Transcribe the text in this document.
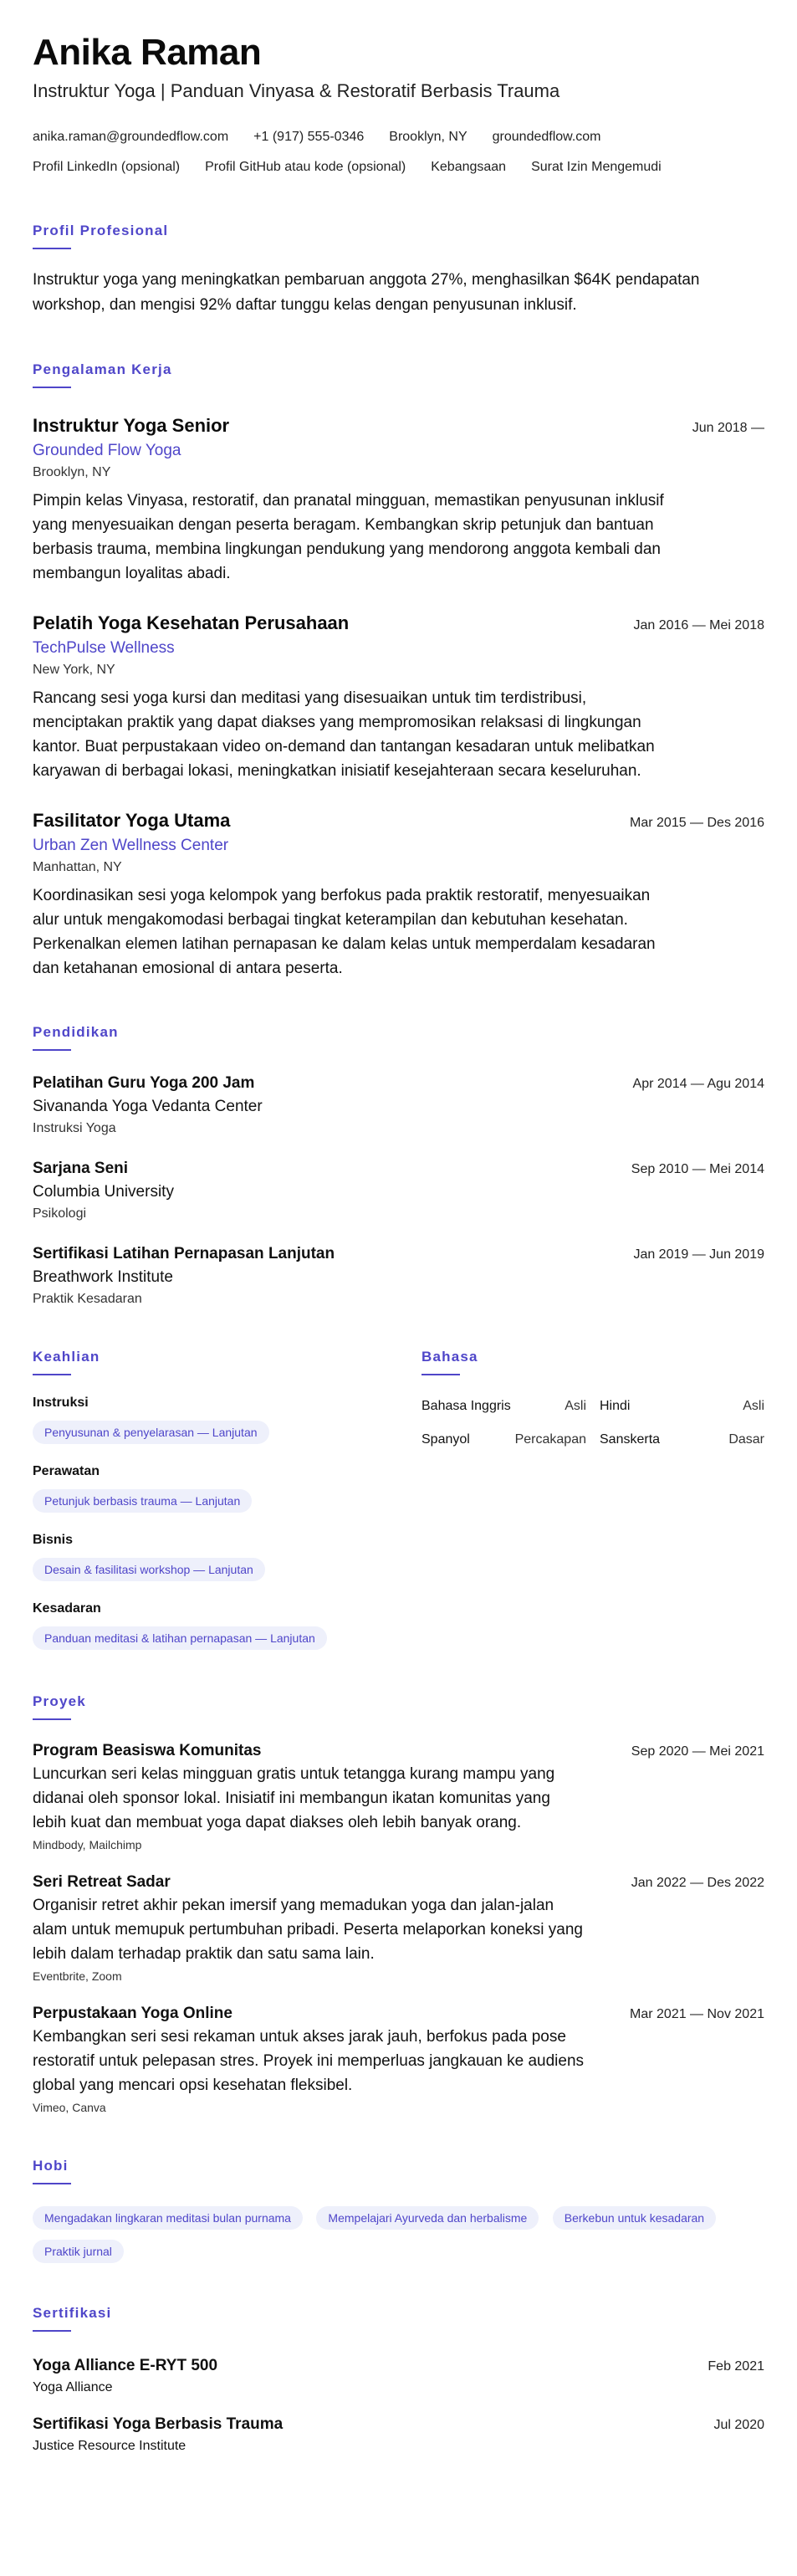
Anika Raman
Instruktur Yoga | Panduan Vinyasa & Restoratif Berbasis Trauma
anika.raman@groundedflow.com +1 (917) 555-0346 Brooklyn, NY groundedflow.com
Profil LinkedIn (opsional) Profil GitHub atau kode (opsional) Kebangsaan Surat Izin Mengemudi
Profil Profesional
Instruktur yoga yang meningkatkan pembaruan anggota 27%, menghasilkan $64K pendapatan workshop, dan mengisi 92% daftar tunggu kelas dengan penyusunan inklusif.
Pengalaman Kerja
Instruktur Yoga Senior	Jun 2018 —
Grounded Flow Yoga
Brooklyn, NY
Pimpin kelas Vinyasa, restoratif, dan pranatal mingguan, memastikan penyusunan inklusif yang menyesuaikan dengan peserta beragam. Kembangkan skrip petunjuk dan bantuan berbasis trauma, membina lingkungan pendukung yang mendorong anggota kembali dan membangun loyalitas abadi.
Pelatih Yoga Kesehatan Perusahaan	Jan 2016 — Mei 2018
TechPulse Wellness
New York, NY
Rancang sesi yoga kursi dan meditasi yang disesuaikan untuk tim terdistribusi, menciptakan praktik yang dapat diakses yang mempromosikan relaksasi di lingkungan kantor. Buat perpustakaan video on-demand dan tantangan kesadaran untuk melibatkan karyawan di berbagai lokasi, meningkatkan inisiatif kesejahteraan secara keseluruhan.
Fasilitator Yoga Utama	Mar 2015 — Des 2016
Urban Zen Wellness Center
Manhattan, NY
Koordinasikan sesi yoga kelompok yang berfokus pada praktik restoratif, menyesuaikan alur untuk mengakomodasi berbagai tingkat keterampilan dan kebutuhan kesehatan. Perkenalkan elemen latihan pernapasan ke dalam kelas untuk memperdalam kesadaran dan ketahanan emosional di antara peserta.
Pendidikan
Pelatihan Guru Yoga 200 Jam	Apr 2014 — Agu 2014
Sivananda Yoga Vedanta Center
Instruksi Yoga
Sarjana Seni	Sep 2010 — Mei 2014
Columbia University
Psikologi
Sertifikasi Latihan Pernapasan Lanjutan	Jan 2019 — Jun 2019
Breathwork Institute
Praktik Kesadaran
Keahlian
Instruksi
Penyusunan & penyelarasan — Lanjutan
Perawatan
Petunjuk berbasis trauma — Lanjutan
Bisnis
Desain & fasilitasi workshop — Lanjutan
Kesadaran
Panduan meditasi & latihan pernapasan — Lanjutan
Bahasa
Bahasa Inggris	Asli Hindi	Asli
Spanyol	Percakapan Sanskerta	Dasar
Proyek
Program Beasiswa Komunitas	Sep 2020 — Mei 2021
Luncurkan seri kelas mingguan gratis untuk tetangga kurang mampu yang didanai oleh sponsor lokal. Inisiatif ini membangun ikatan komunitas yang lebih kuat dan membuat yoga dapat diakses oleh lebih banyak orang.
Mindbody, Mailchimp
Seri Retreat Sadar	Jan 2022 — Des 2022
Organisir retret akhir pekan imersif yang memadukan yoga dan jalan-jalan alam untuk memupuk pertumbuhan pribadi. Peserta melaporkan koneksi yang lebih dalam terhadap praktik dan satu sama lain.
Eventbrite, Zoom
Perpustakaan Yoga Online	Mar 2021 — Nov 2021
Kembangkan seri sesi rekaman untuk akses jarak jauh, berfokus pada pose restoratif untuk pelepasan stres. Proyek ini memperluas jangkauan ke audiens global yang mencari opsi kesehatan fleksibel.
Vimeo, Canva
Hobi
Mengadakan lingkaran meditasi bulan purnama	Mempelajari Ayurveda dan herbalisme	Berkebun untuk kesadaran Praktik jurnal
Sertifikasi
Yoga Alliance E-RYT 500	Feb 2021
Yoga Alliance
Sertifikasi Yoga Berbasis Trauma	Jul 2020
Justice Resource Institute
